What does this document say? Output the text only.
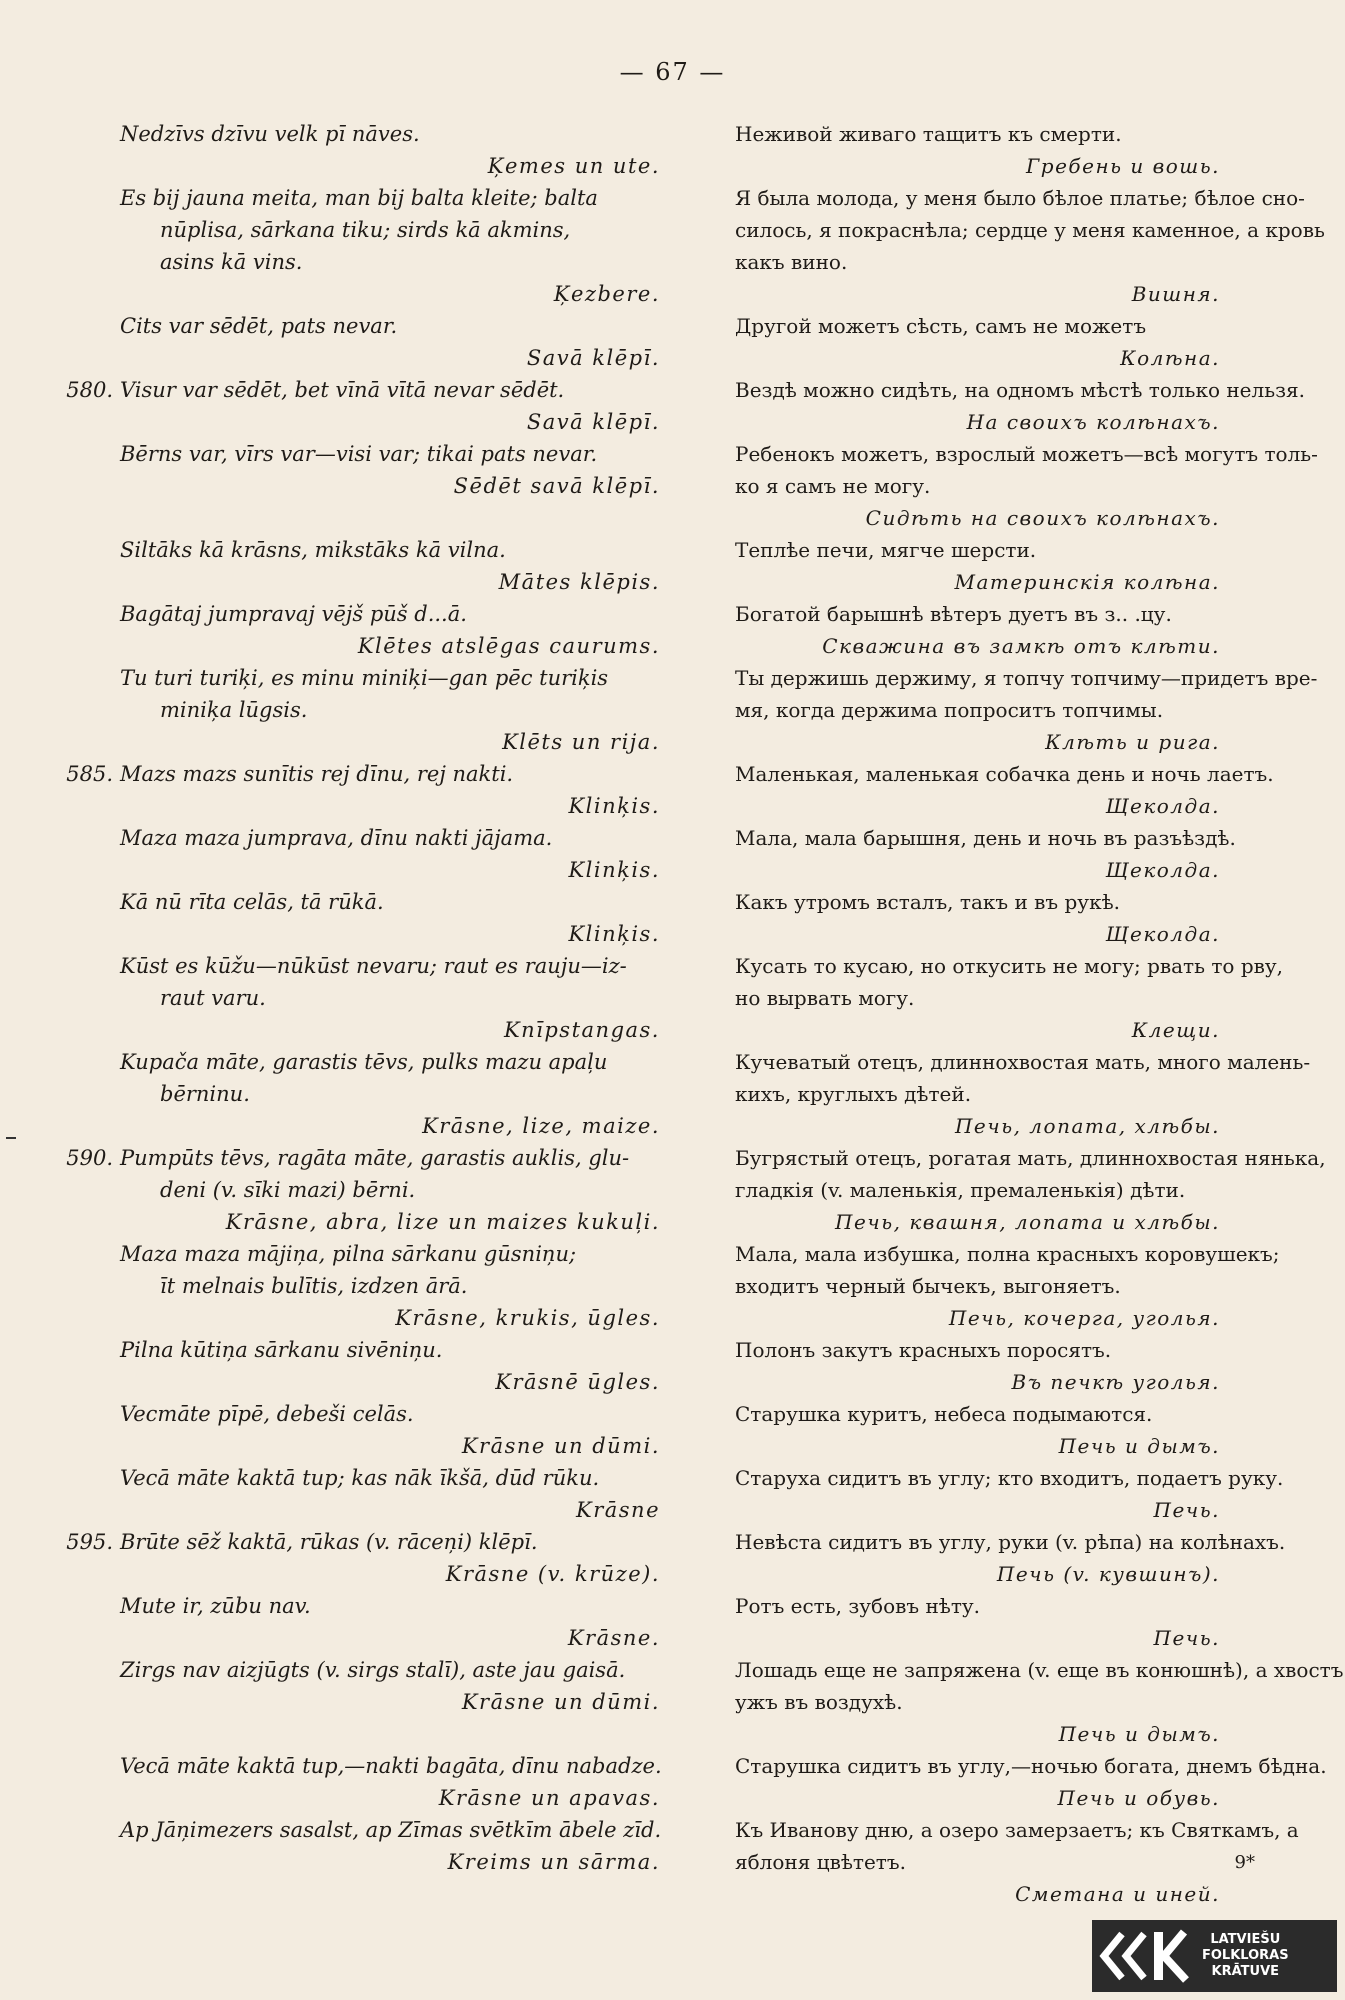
— 67 —
Nedzīvs dzīvu velk pī nāves.
Ķemes un ute.
Es bij jauna meita, man bij balta kleite; balta
nūplisa, sārkana tiku; sirds kā akmins,
asins kā vins.
Ķezbere.
Cits var sēdēt, pats nevar.
Savā klēpī.
580. Visur var sēdēt, bet vīnā vītā nevar sēdēt.
Savā klēpī.
Bērns var, vīrs var—visi var; tikai pats nevar.
Sēdēt savā klēpī.
Siltāks kā krāsns, mikstāks kā vilna.
Mātes klēpis.
Bagātaj jumpravaj vējš pūš d...ā.
Klētes atslēgas caurums.
Tu turi turiķi, es minu miniķi—gan pēc turiķis
miniķa lūgsis.
Klēts un rija.
585. Mazs mazs sunītis rej dīnu, rej nakti.
Klinķis.
Maza maza jumprava, dīnu nakti jājama.
Klinķis.
Kā nū rīta celās, tā rūkā.
Klinķis.
Kūst es kūžu—nūkūst nevaru; raut es rauju—iz-
raut varu.
Knīpstangas.
Kupača māte, garastis tēvs, pulks mazu apaļu
bērninu.
Krāsne, lize, maize.
590. Pumpūts tēvs, ragāta māte, garastis auklis, glu-
deni (v. sīki mazi) bērni.
Krāsne, abra, lize un maizes kukuļi.
Maza maza mājiņa, pilna sārkanu gūsniņu;
īt melnais bulītis, izdzen ārā.
Krāsne, krukis, ūgles.
Pilna kūtiņa sārkanu sivēniņu.
Krāsnē ūgles.
Vecmāte pīpē, debeši celās.
Krāsne un dūmi.
Vecā māte kaktā tup; kas nāk īkšā, dūd rūku.
Krāsne
595. Brūte sēž kaktā, rūkas (v. rāceņi) klēpī.
Krāsne (v. krūze).
Mute ir, zūbu nav.
Krāsne.
Zirgs nav aizjūgts (v. sirgs stalī), aste jau gaisā.
Krāsne un dūmi.
Vecā māte kaktā tup,—nakti bagāta, dīnu nabadze.
Krāsne un apavas.
Ap Jāņimezers sasalst, ap Zīmas svētkīm ābele zīd.
Kreims un sārma.
Неживой живаго тащитъ къ смерти.
Гребень и вошь.
Я была молода, у меня было бѣлое платье; бѣлое сно-
силось, я покраснѣла; сердце у меня каменное, а кровь
какъ вино.
Вишня.
Другой можетъ сѣсть, самъ не можетъ
Колѣна.
Вездѣ можно сидѣть, на одномъ мѣстѣ только нельзя.
На своихъ колѣнахъ.
Ребенокъ можетъ, взрослый можетъ—всѣ могутъ толь-
ко я самъ не могу.
Сидѣть на своихъ колѣнахъ.
Теплѣе печи, мягче шерсти.
Материнскія колѣна.
Богатой барышнѣ вѣтеръ дуетъ въ з.. .цу.
Скважина въ замкѣ отъ клѣти.
Ты держишь держиму, я топчу топчиму—придетъ вре-
мя, когда держима попроситъ топчимы.
Клѣть и рига.
Маленькая, маленькая собачка день и ночь лаетъ.
Щеколда.
Мала, мала барышня, день и ночь въ разъѣздѣ.
Щеколда.
Какъ утромъ всталъ, такъ и въ рукѣ.
Щеколда.
Кусать то кусаю, но откусить не могу; рвать то рву,
но вырвать могу.
Клещи.
Кучеватый отецъ, длиннохвостая мать, много малень-
кихъ, круглыхъ дѣтей.
Печь, лопата, хлѣбы.
Бугрястый отецъ, рогатая мать, длиннохвостая нянька,
гладкія (v. маленькія, премаленькія) дѣти.
Печь, квашня, лопата и хлѣбы.
Мала, мала избушка, полна красныхъ коровушекъ;
входитъ черный бычекъ, выгоняетъ.
Печь, кочерга, уголья.
Полонъ закутъ красныхъ поросятъ.
Въ печкѣ уголья.
Старушка куритъ, небеса подымаются.
Печь и дымъ.
Старуха сидитъ въ углу; кто входитъ, подаетъ руку.
Печь.
Невѣста сидитъ въ углу, руки (v. рѣпа) на колѣнахъ.
Печь (v. кувшинъ).
Ротъ есть, зубовъ нѣту.
Печь.
Лошадь еще не запряжена (v. еще въ конюшнѣ), а хвостъ
ужъ въ воздухѣ.
Печь и дымъ.
Старушка сидитъ въ углу,—ночью богата, днемъ бѣдна.
Печь и обувь.
Къ Иванову дню, а озеро замерзаетъ; къ Святкамъ, а
яблоня цвѣтетъ.
Сметана и иней.
9*
LATVIEŠU
FOLKLORAS
KRĀTUVE
